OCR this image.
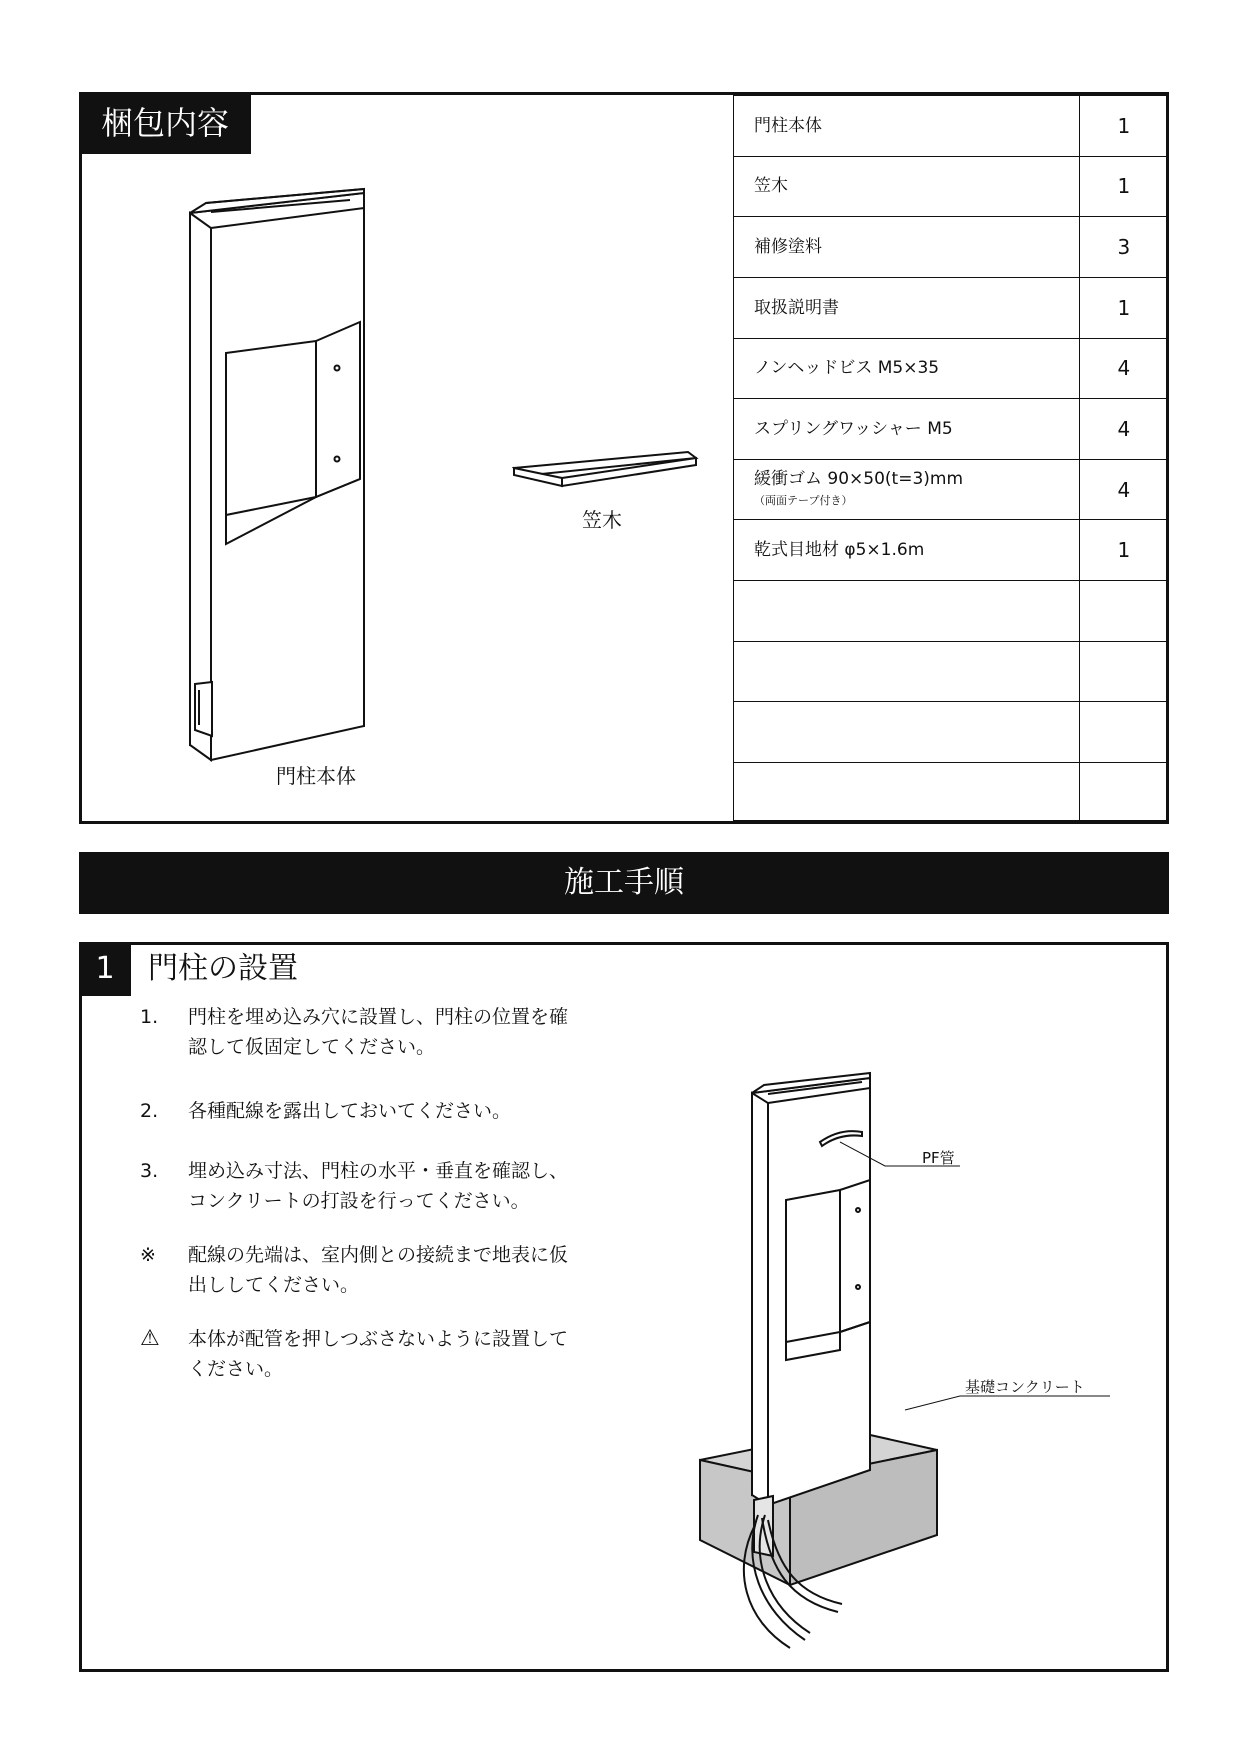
門柱本体	1
笠木	1
補修塗料	3
取扱説明書	1
ノンヘッドビス M5×35	4
スプリングワッシャー M5	4
緩衝ゴム 90×50(t=3)mm
（両面テープ付き）	4
乾式目地材 φ5×1.6m	1

梱包内容
門柱本体
笠木
施工手順
1	門柱の設置
1.	門柱を埋め込み穴に設置し、門柱の位置を確
認して仮固定してください。
2.	各種配線を露出しておいてください。
3.	埋め込み寸法、門柱の水平・垂直を確認し、
コンクリートの打設を行ってください。
※	配線の先端は、室内側との接続まで地表に仮
出ししてください。
⚠	本体が配管を押しつぶさないように設置して
ください。
PF管
基礎コンクリート
